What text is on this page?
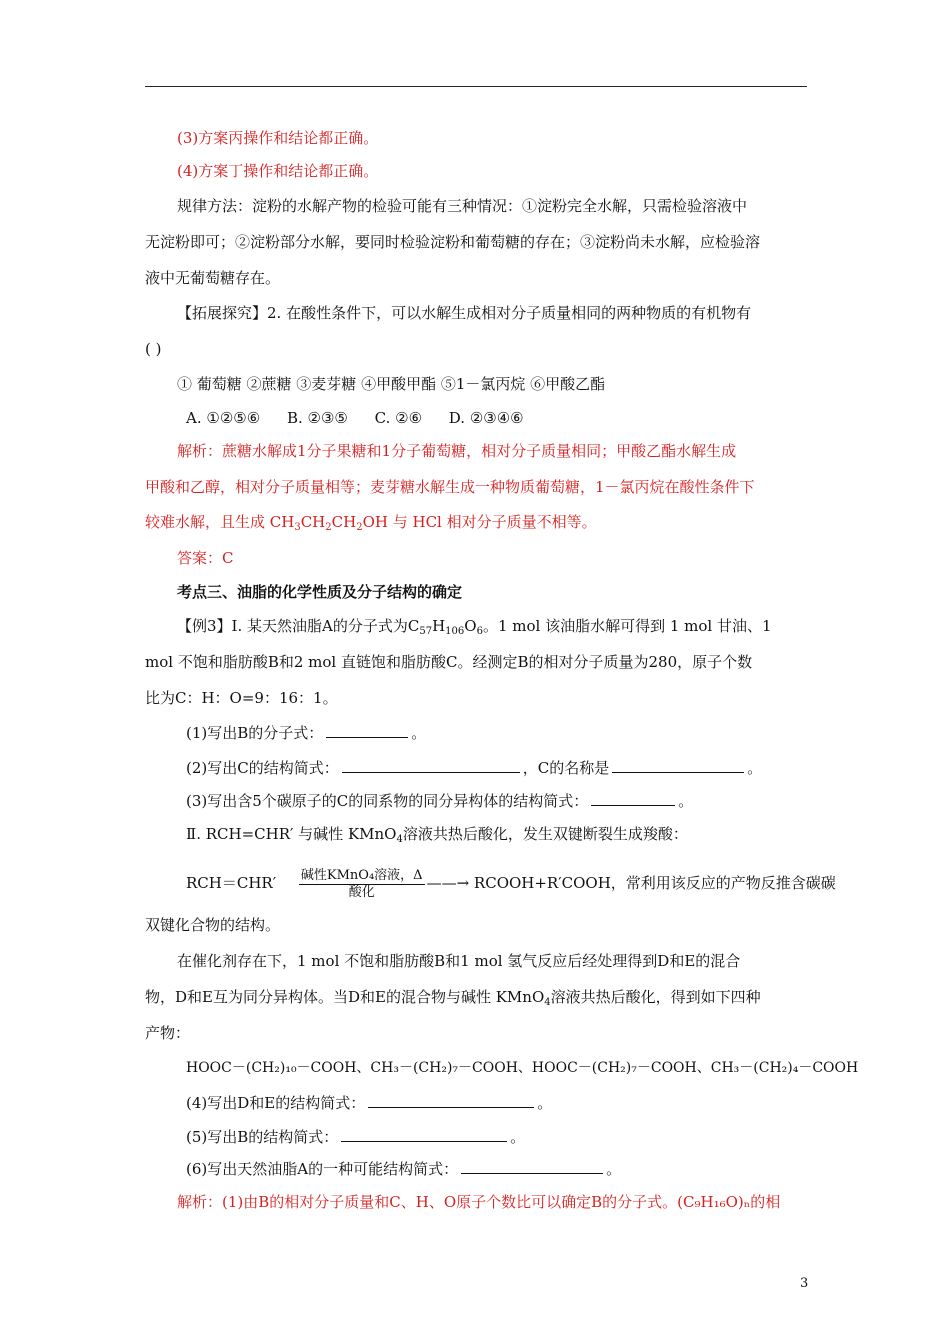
(3)方案丙操作和结论都正确。
(4)方案丁操作和结论都正确。
规律方法：淀粉的水解产物的检验可能有三种情况：①淀粉完全水解，只需检验溶液中
无淀粉即可；②淀粉部分水解，要同时检验淀粉和葡萄糖的存在；③淀粉尚未水解，应检验溶
液中无葡萄糖存在。
【拓展探究】2. 在酸性条件下，可以水解生成相对分子质量相同的两种物质的有机物有
( )
① 葡萄糖 ②蔗糖 ③麦芽糖 ④甲酸甲酯 ⑤1－氯丙烷 ⑥甲酸乙酯
A. ①②⑤⑥ B. ②③⑤ C. ②⑥ D. ②③④⑥
解析：蔗糖水解成1分子果糖和1分子葡萄糖，相对分子质量相同；甲酸乙酯水解生成
甲酸和乙醇，相对分子质量相等；麦芽糖水解生成一种物质葡萄糖，1－氯丙烷在酸性条件下
较难水解，且生成 $CH_3CH_2CH_2OH$ 与 HCl 相对分子质量不相等。
答案：C
考点三、油脂的化学性质及分子结构的确定
【例3】I. 某天然油脂A的分子式为$C_{57}H_{106}O_6$。1 mol 该油脂水解可得到 1 mol 甘油、1
mol 不饱和脂肪酸B和2 mol 直链饱和脂肪酸C。经测定B的相对分子质量为280，原子个数
比为C：H：O=9：16：1。
(1)写出B的分子式：	。
(2)写出C的结构简式：	，C的名称是	。
(3)写出含5个碳原子的C的同系物的同分异构体的结构简式：	。
Ⅱ. RCH=CHR′ 与碱性 KMnO$_4$溶液共热后酸化，发生双键断裂生成羧酸：
$RCH=CHR' \frac{\text{碱性KMnO₄溶液，Δ}}{\text{酸化}}$ ——→ RCOOH+R′COOH，常利用该反应的产物反推含碳碳
双键化合物的结构。
在催化剂存在下，1 mol 不饱和脂肪酸B和1 mol 氢气反应后经处理得到D和E的混合
物，D和E互为同分异构体。当D和E的混合物与碱性 KMnO$_4$溶液共热后酸化，得到如下四种
产物：
HOOC－(CH₂)₁₀－COOH、CH₃－(CH₂)₇－COOH、HOOC－(CH₂)₇－COOH、CH₃－(CH₂)₄－COOH
(4)写出D和E的结构简式：	。
(5)写出B的结构简式：	。
(6)写出天然油脂A的一种可能结构简式：	。
解析：(1)由B的相对分子质量和C、H、O原子个数比可以确定B的分子式。(C₉H₁₆O)ₙ的相
3
